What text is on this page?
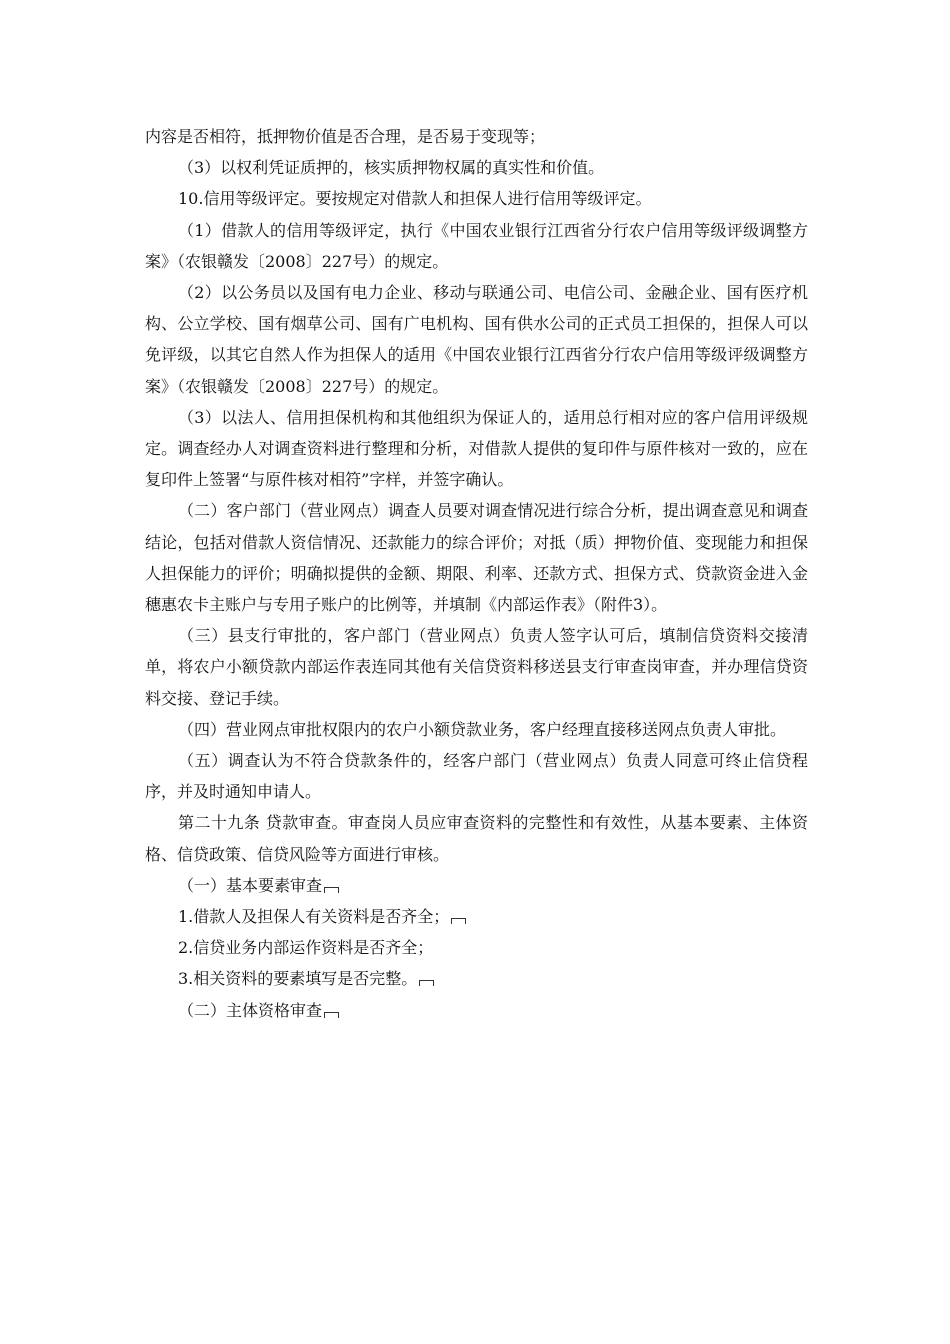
内容是否相符，抵押物价值是否合理，是否易于变现等；

（3）以权利凭证质押的，核实质押物权属的真实性和价值。

10.信用等级评定。要按规定对借款人和担保人进行信用等级评定。

（1）借款人的信用等级评定，执行《中国农业银行江西省分行农户信用等级评级调整方案》（农银赣发〔2008〕227号）的规定。

（2）以公务员以及国有电力企业、移动与联通公司、电信公司、金融企业、国有医疗机构、公立学校、国有烟草公司、国有广电机构、国有供水公司的正式员工担保的，担保人可以免评级，以其它自然人作为担保人的适用《中国农业银行江西省分行农户信用等级评级调整方案》（农银赣发〔2008〕227号）的规定。

（3）以法人、信用担保机构和其他组织为保证人的，适用总行相对应的客户信用评级规定。调查经办人对调查资料进行整理和分析，对借款人提供的复印件与原件核对一致的，应在复印件上签署“与原件核对相符”字样，并签字确认。

（二）客户部门（营业网点）调查人员要对调查情况进行综合分析，提出调查意见和调查结论，包括对借款人资信情况、还款能力的综合评价；对抵（质）押物价值、变现能力和担保人担保能力的评价；明确拟提供的金额、期限、利率、还款方式、担保方式、贷款资金进入金穗惠农卡主账户与专用子账户的比例等，并填制《内部运作表》（附件3）。

（三）县支行审批的，客户部门（营业网点）负责人签字认可后，填制信贷资料交接清单，将农户小额贷款内部运作表连同其他有关信贷资料移送县支行审查岗审查，并办理信贷资料交接、登记手续。

（四）营业网点审批权限内的农户小额贷款业务，客户经理直接移送网点负责人审批。

（五）调查认为不符合贷款条件的，经客户部门（营业网点）负责人同意可终止信贷程序，并及时通知申请人。

第二十九条 贷款审查。审查岗人员应审查资料的完整性和有效性，从基本要素、主体资格、信贷政策、信贷风险等方面进行审核。

（一）基本要素审查

1.借款人及担保人有关资料是否齐全；

2.信贷业务内部运作资料是否齐全；

3.相关资料的要素填写是否完整。

（二）主体资格审查
